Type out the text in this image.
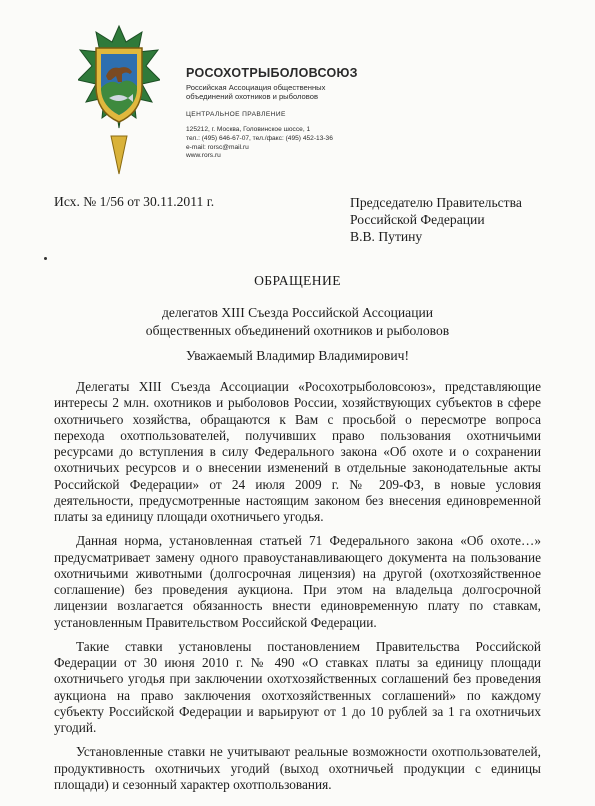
РОСОХОТРЫБОЛОВСОЮЗ
Российская Ассоциация общественных
объединений охотников и рыболовов
ЦЕНТРАЛЬНОЕ ПРАВЛЕНИЕ
125212, г. Москва, Головинское шоссе, 1
тел.: (495) 646-67-07, тел./факс: (495) 452-13-36
e-mail: rorsc@mail.ru
www.rors.ru
Исх. № 1/56 от 30.11.2011 г.	Председателю Правительства
Российской Федерации
В.В. Путину
ОБРАЩЕНИЕ
делегатов XIII Съезда Российской Ассоциации
общественных объединений охотников и рыболовов
Уважаемый Владимир Владимирович!

Делегаты XIII Съезда Ассоциации «Росохотрыболовсоюз», представляющие интересы 2 млн. охотников и рыболовов России, хозяйствующих субъектов в сфере охотничьего хозяйства, обращаются к Вам с просьбой о пересмотре вопроса перехода охотпользователей, получивших право пользования охотничьими ресурсами до вступления в силу Федерального закона «Об охоте и о сохранении охотничьих ресурсов и о внесении изменений в отдельные законодательные акты Российской Федерации» от 24 июля 2009 г. № 209-ФЗ, в новые условия деятельности, предусмотренные настоящим законом без внесения единовременной платы за единицу площади охотничьего угодья.

Данная норма, установленная статьей 71 Федерального закона «Об охоте…» предусматривает замену одного правоустанавливающего документа на пользование охотничьими животными (долгосрочная лицензия) на другой (охотхозяйственное соглашение) без проведения аукциона. При этом на владельца долгосрочной лицензии возлагается обязанность внести единовременную плату по ставкам, установленным Правительством Российской Федерации.

Такие ставки установлены постановлением Правительства Российской Федерации от 30 июня 2010 г. № 490 «О ставках платы за единицу площади охотничьего угодья при заключении охотхозяйственных соглашений без проведения аукциона на право заключения охотхозяйственных соглашений» по каждому субъекту Российской Федерации и варьируют от 1 до 10 рублей за 1 га охотничьих угодий.

Установленные ставки не учитывают реальные возможности охотпользователей, продуктивность охотничьих угодий (выход охотничьей продукции с единицы площади) и сезонный характер охотпользования.
